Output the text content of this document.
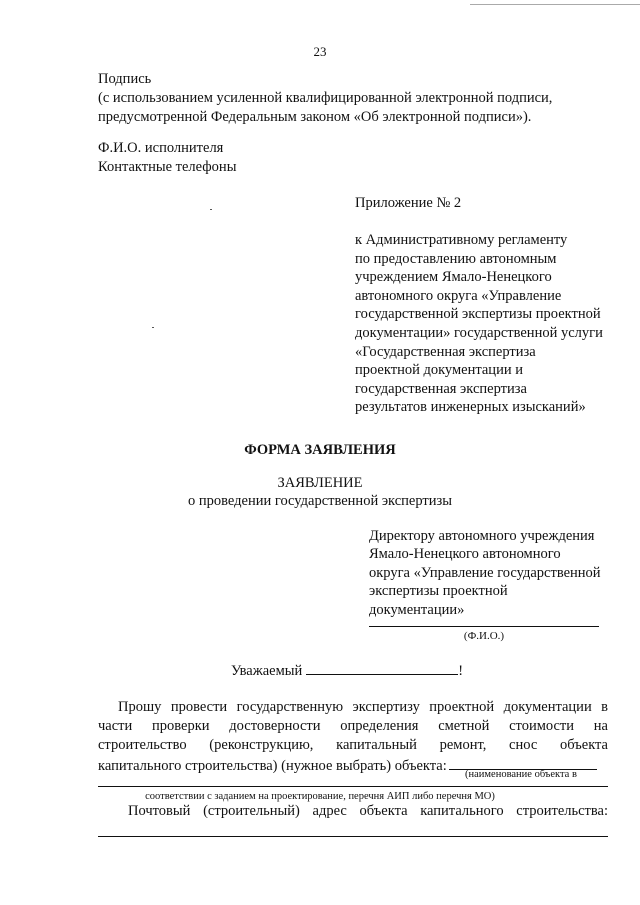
23
Подпись
(с использованием усиленной квалифицированной электронной подписи,
предусмотренной Федеральным законом «Об электронной подписи»).
Ф.И.О. исполнителя
Контактные телефоны
Приложение № 2
к Административному регламенту
по предоставлению автономным
учреждением Ямало-Ненецкого
автономного округа «Управление
государственной экспертизы проектной
документации» государственной услуги
«Государственная экспертиза
проектной документации и
государственная экспертиза
результатов инженерных изысканий»
ФОРМА ЗАЯВЛЕНИЯ
ЗАЯВЛЕНИЕ
о проведении государственной экспертизы
Директору автономного учреждения
Ямало-Ненецкого автономного
округа «Управление государственной
экспертизы проектной
документации»
(Ф.И.О.)
Уважаемый	!
Прошу провести государственную экспертизу проектной документации в
части проверки достоверности определения сметной стоимости на
строительство (реконструкцию, капитальный ремонт, снос объекта
капитального строительства) (нужное выбрать) объекта:
(наименование объекта в
соответствии с заданием на проектирование, перечня АИП либо перечня МО)
Почтовый (строительный) адрес объекта капитального строительства:
